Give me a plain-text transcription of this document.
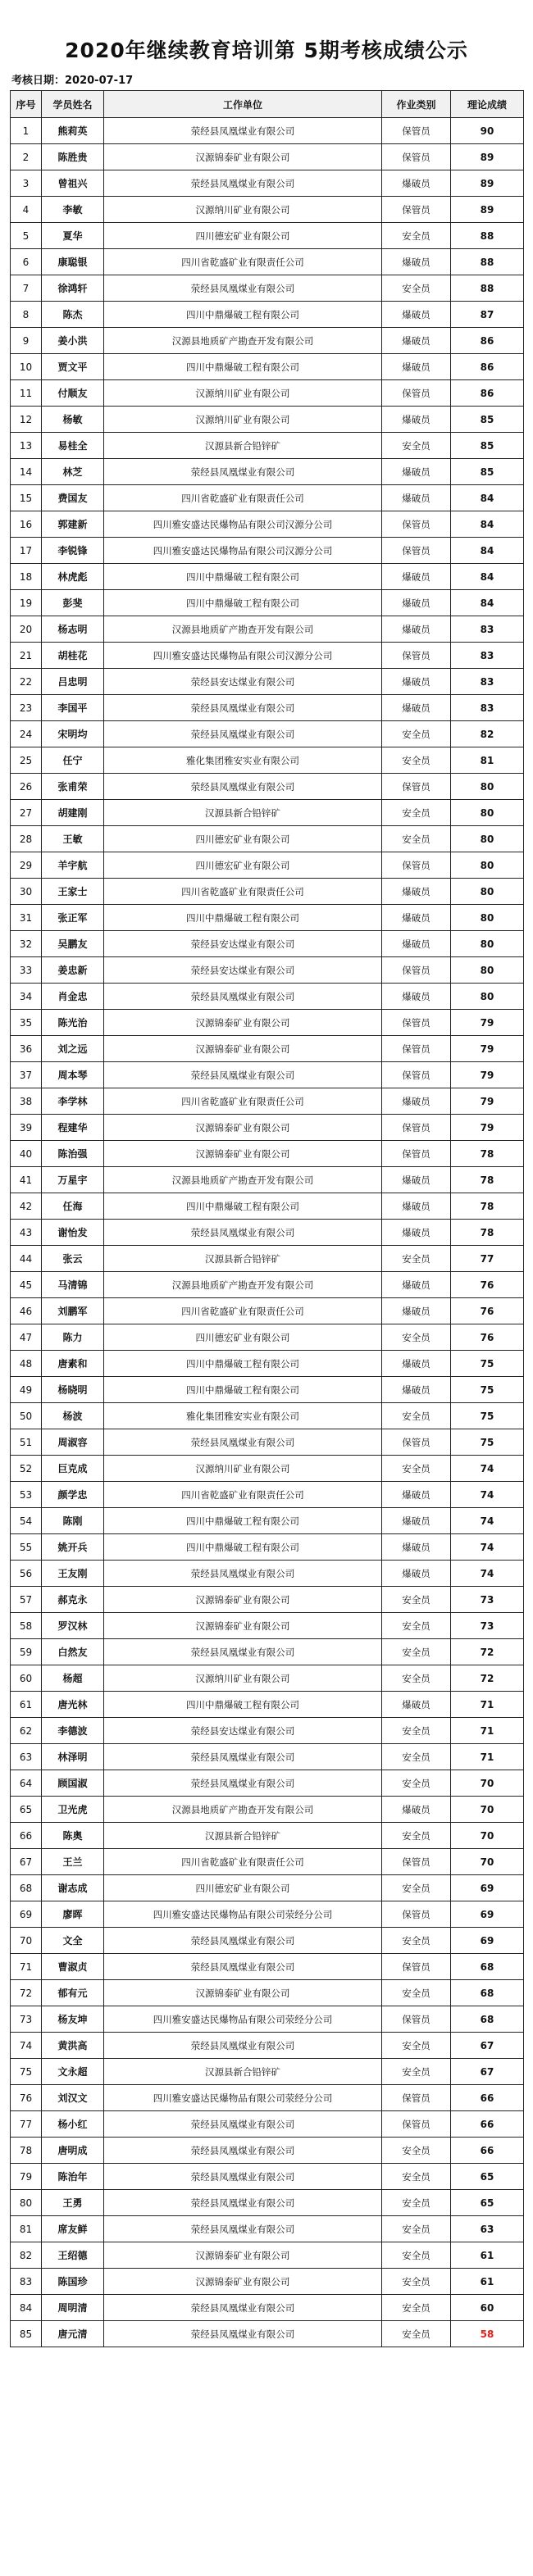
2020年继续教育培训第 5期考核成绩公示
考核日期：2020-07-17
序号	学员姓名	工作单位	作业类别	理论成绩
1	熊莉英	荥经县凤凰煤业有限公司	保管员	90
2	陈胜贵	汉源锦泰矿业有限公司	保管员	89
3	曾祖兴	荥经县凤凰煤业有限公司	爆破员	89
4	李敏	汉源纳川矿业有限公司	保管员	89
5	夏华	四川德宏矿业有限公司	安全员	88
6	康聪银	四川省乾盛矿业有限责任公司	爆破员	88
7	徐鸿轩	荥经县凤凰煤业有限公司	安全员	88
8	陈杰	四川中鼎爆破工程有限公司	爆破员	87
9	姜小洪	汉源县地质矿产勘查开发有限公司	爆破员	86
10	贾文平	四川中鼎爆破工程有限公司	爆破员	86
11	付顺友	汉源纳川矿业有限公司	保管员	86
12	杨敏	汉源纳川矿业有限公司	爆破员	85
13	易桂全	汉源县新合铅锌矿	安全员	85
14	林芝	荥经县凤凰煤业有限公司	爆破员	85
15	费国友	四川省乾盛矿业有限责任公司	爆破员	84
16	郭建新	四川雅安盛达民爆物品有限公司汉源分公司	保管员	84
17	李锐锋	四川雅安盛达民爆物品有限公司汉源分公司	保管员	84
18	林虎彪	四川中鼎爆破工程有限公司	爆破员	84
19	彭斐	四川中鼎爆破工程有限公司	爆破员	84
20	杨志明	汉源县地质矿产勘查开发有限公司	爆破员	83
21	胡桂花	四川雅安盛达民爆物品有限公司汉源分公司	保管员	83
22	吕忠明	荥经县安达煤业有限公司	爆破员	83
23	李国平	荥经县凤凰煤业有限公司	爆破员	83
24	宋明均	荥经县凤凰煤业有限公司	安全员	82
25	任宁	雅化集团雅安实业有限公司	安全员	81
26	张甫荣	荥经县凤凰煤业有限公司	保管员	80
27	胡建刚	汉源县新合铅锌矿	安全员	80
28	王敏	四川德宏矿业有限公司	安全员	80
29	羊宇航	四川德宏矿业有限公司	保管员	80
30	王家士	四川省乾盛矿业有限责任公司	爆破员	80
31	张正军	四川中鼎爆破工程有限公司	爆破员	80
32	吴鹏友	荥经县安达煤业有限公司	爆破员	80
33	姜忠新	荥经县安达煤业有限公司	保管员	80
34	肖金忠	荥经县凤凰煤业有限公司	爆破员	80
35	陈光治	汉源锦泰矿业有限公司	保管员	79
36	刘之远	汉源锦泰矿业有限公司	保管员	79
37	周本琴	荥经县凤凰煤业有限公司	保管员	79
38	李学林	四川省乾盛矿业有限责任公司	爆破员	79
39	程建华	汉源锦泰矿业有限公司	保管员	79
40	陈治强	汉源锦泰矿业有限公司	保管员	78
41	万星宇	汉源县地质矿产勘查开发有限公司	爆破员	78
42	任海	四川中鼎爆破工程有限公司	爆破员	78
43	谢怡发	荥经县凤凰煤业有限公司	爆破员	78
44	张云	汉源县新合铅锌矿	安全员	77
45	马清锦	汉源县地质矿产勘查开发有限公司	爆破员	76
46	刘鹏军	四川省乾盛矿业有限责任公司	爆破员	76
47	陈力	四川德宏矿业有限公司	安全员	76
48	唐素和	四川中鼎爆破工程有限公司	爆破员	75
49	杨晓明	四川中鼎爆破工程有限公司	爆破员	75
50	杨波	雅化集团雅安实业有限公司	安全员	75
51	周淑容	荥经县凤凰煤业有限公司	保管员	75
52	巨克成	汉源纳川矿业有限公司	安全员	74
53	颜学忠	四川省乾盛矿业有限责任公司	爆破员	74
54	陈刚	四川中鼎爆破工程有限公司	爆破员	74
55	姚开兵	四川中鼎爆破工程有限公司	爆破员	74
56	王友刚	荥经县凤凰煤业有限公司	爆破员	74
57	郝克永	汉源锦泰矿业有限公司	安全员	73
58	罗汉林	汉源锦泰矿业有限公司	安全员	73
59	白然友	荥经县凤凰煤业有限公司	安全员	72
60	杨超	汉源纳川矿业有限公司	安全员	72
61	唐光林	四川中鼎爆破工程有限公司	爆破员	71
62	李德波	荥经县安达煤业有限公司	安全员	71
63	林泽明	荥经县凤凰煤业有限公司	安全员	71
64	顾国淑	荥经县凤凰煤业有限公司	安全员	70
65	卫光虎	汉源县地质矿产勘查开发有限公司	爆破员	70
66	陈奥	汉源县新合铅锌矿	安全员	70
67	王兰	四川省乾盛矿业有限责任公司	保管员	70
68	谢志成	四川德宏矿业有限公司	安全员	69
69	廖晖	四川雅安盛达民爆物品有限公司荥经分公司	保管员	69
70	文全	荥经县凤凰煤业有限公司	安全员	69
71	曹淑贞	荥经县凤凰煤业有限公司	保管员	68
72	郁有元	汉源锦泰矿业有限公司	安全员	68
73	杨友坤	四川雅安盛达民爆物品有限公司荥经分公司	保管员	68
74	黄洪高	荥经县凤凰煤业有限公司	安全员	67
75	文永超	汉源县新合铅锌矿	安全员	67
76	刘汉文	四川雅安盛达民爆物品有限公司荥经分公司	保管员	66
77	杨小红	荥经县凤凰煤业有限公司	保管员	66
78	唐明成	荥经县凤凰煤业有限公司	安全员	66
79	陈治年	荥经县凤凰煤业有限公司	安全员	65
80	王勇	荥经县凤凰煤业有限公司	安全员	65
81	席友鲜	荥经县凤凰煤业有限公司	安全员	63
82	王绍德	汉源锦泰矿业有限公司	安全员	61
83	陈国珍	汉源锦泰矿业有限公司	安全员	61
84	周明清	荥经县凤凰煤业有限公司	安全员	60
85	唐元清	荥经县凤凰煤业有限公司	安全员	58
